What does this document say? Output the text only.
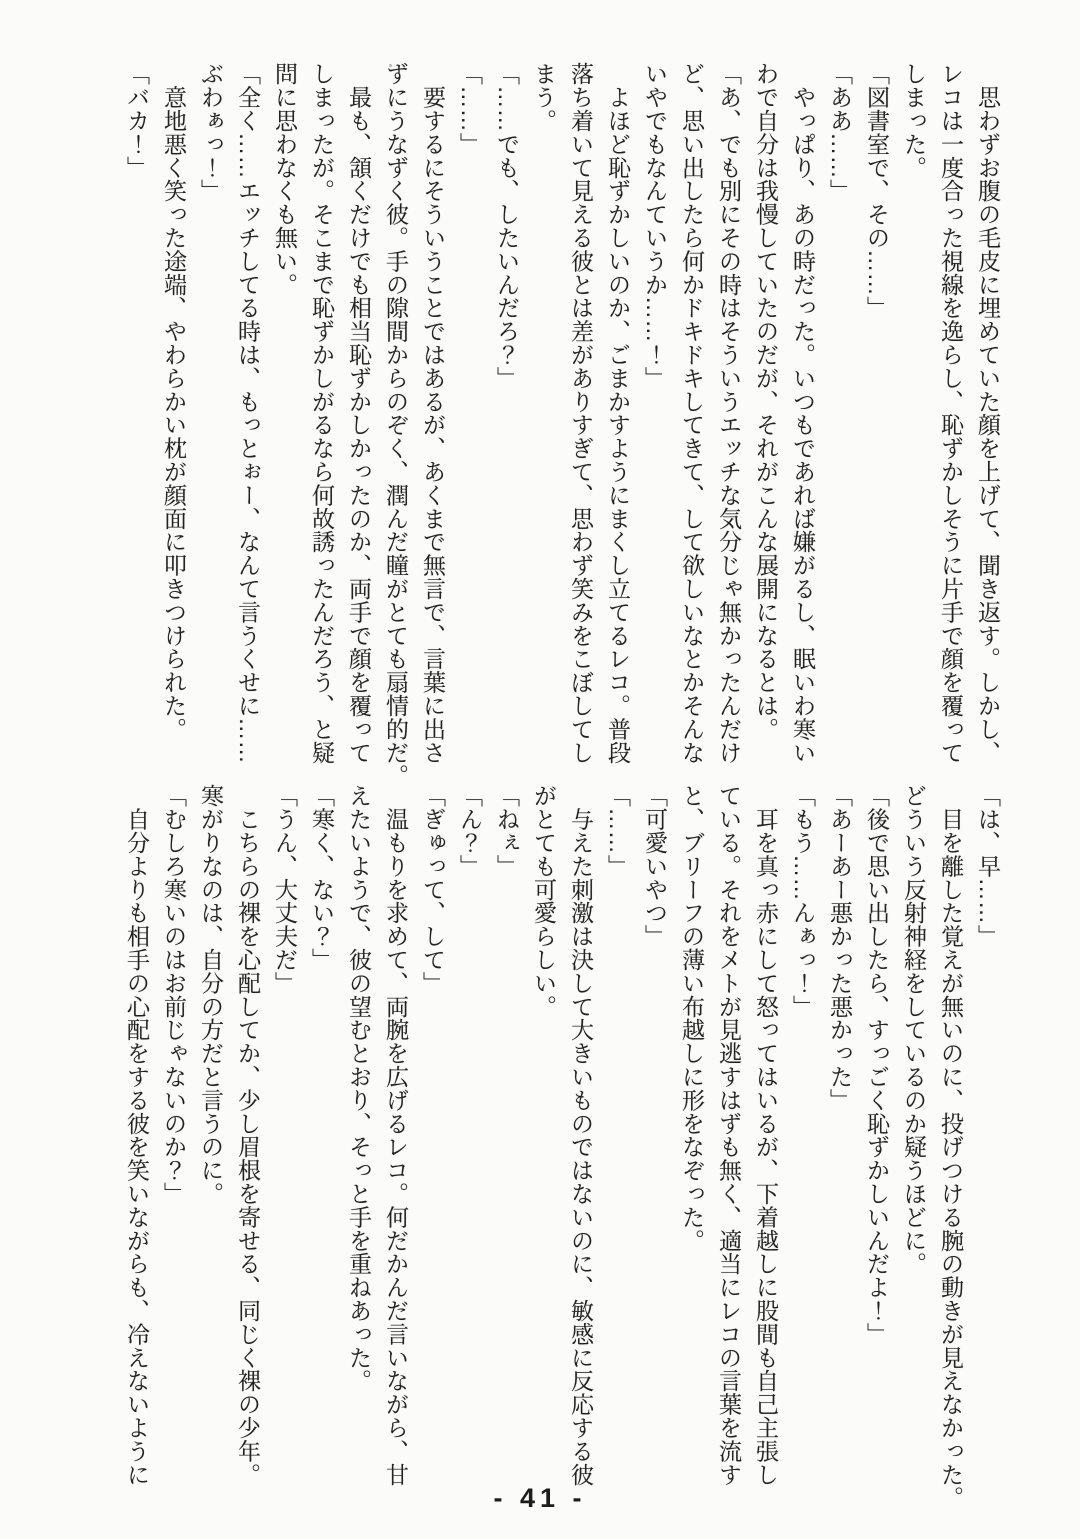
　思わずお腹の毛皮に埋めていた顔を上げて、聞き返す。しかし、
レコは一度合った視線を逸らし、恥ずかしそうに片手で顔を覆って
しまった。
「図書室で、その……」
「ああ……」
　やっぱり、あの時だった。いつもであれば嫌がるし、眠いわ寒い
わで自分は我慢していたのだが、それがこんな展開になるとは。
「あ、でも別にその時はそういうエッチな気分じゃ無かったんだけ
ど、思い出したら何かドキドキしてきて、して欲しいなとかそんな
いやでもなんていうか……！」
　よほど恥ずかしいのか、ごまかすようにまくし立てるレコ。普段
落ち着いて見える彼とは差がありすぎて、思わず笑みをこぼしてし
まう。
「……でも、したいんだろ？」
「……」
　要するにそういうことではあるが、あくまで無言で、言葉に出さ
ずにうなずく彼。手の隙間からのぞく、潤んだ瞳がとても扇情的だ。
　最も、頷くだけでも相当恥ずかしかったのか、両手で顔を覆って
しまったが。そこまで恥ずかしがるなら何故誘ったんだろう、と疑
問に思わなくも無い。
「全く……エッチしてる時は、もっとぉー、なんて言うくせに……
ぶわぁっ！」
　意地悪く笑った途端、やわらかい枕が顔面に叩きつけられた。
「バカ！」
「は、早……」
　目を離した覚えが無いのに、投げつける腕の動きが見えなかった。
どういう反射神経をしているのか疑うほどに。
「後で思い出したら、すっごく恥ずかしいんだよ！」
「あーあー悪かった悪かった」
「もう……んぁっ！」
　耳を真っ赤にして怒ってはいるが、下着越しに股間も自己主張し
ている。それをメトが見逃すはずも無く、適当にレコの言葉を流す
と、ブリーフの薄い布越しに形をなぞった。
「可愛いやつ」
「……」
　与えた刺激は決して大きいものではないのに、敏感に反応する彼
がとても可愛らしい。
「ねぇ」
「ん？」
「ぎゅって、して」
　温もりを求めて、両腕を広げるレコ。何だかんだ言いながら、甘
えたいようで、彼の望むとおり、そっと手を重ねあった。
「寒く、ない？」
「うん、大丈夫だ」
　こちらの裸を心配してか、少し眉根を寄せる、同じく裸の少年。
寒がりなのは、自分の方だと言うのに。
「むしろ寒いのはお前じゃないのか？」
　自分よりも相手の心配をする彼を笑いながらも、冷えないように
- 41 -
